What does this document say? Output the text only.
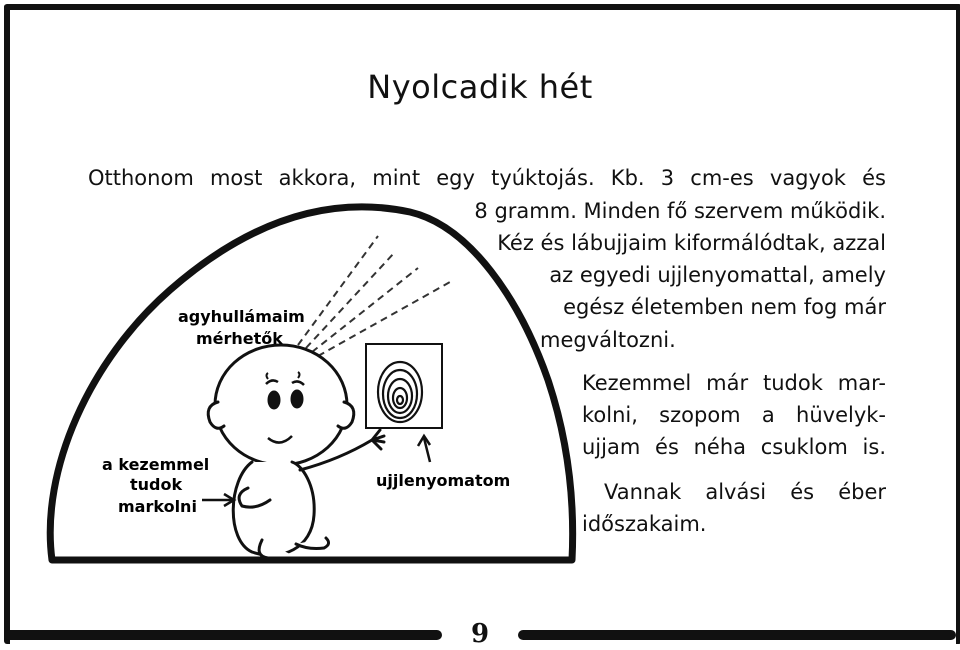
9
Nyolcadik hét
agyhullámaim
mérhetők
a kezemmel
tudok
markolni
ujjlenyomatom
Otthonom most akkora, mint egy tyúktojás. Kb. 3 cm-es vagyok és
8 gramm. Minden fő szervem működik.
Kéz és lábujjaim kiformálódtak, azzal
az egyedi ujjlenyomattal, amely
egész életemben nem fog már
megváltozni.
Kezemmel már tudok mar-
kolni, szopom a hüvelyk-
ujjam és néha csuklom is.
Vannak alvási és éber
időszakaim.
